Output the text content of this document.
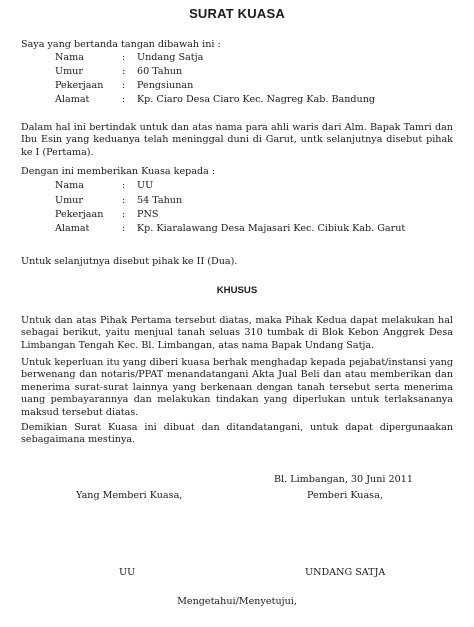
SURAT KUASA
Saya yang bertanda tangan dibawah ini :
Nama	: Undang Satja
Umur	: 60 Tahun
Pekerjaan : Pengsiunan
Alamat	: Kp. Ciaro Desa Ciaro Kec. Nagreg Kab. Bandung
Dalam hal ini bertindak untuk dan atas nama para ahli waris dari Alm. Bapak Tamri dan Ibu Esin yang keduanya telah meninggal duni di Garut, untk selanjutnya disebut pihak ke I (Pertama).
Dengan ini memberikan Kuasa kepada :
Nama	: UU
Umur	: 54 Tahun
Pekerjaan : PNS
Alamat	: Kp. Kiaralawang Desa Majasari Kec. Cibiuk Kab. Garut
Untuk selanjutnya disebut pihak ke II (Dua).
KHUSUS
Untuk dan atas Pihak Pertama tersebut diatas, maka Pihak Kedua dapat melakukan hal sebagai berikut, yaitu menjual tanah seluas 310 tumbak di Blok Kebon Anggrek Desa Limbangan Tengah Kec. Bl. Limbangan, atas nama Bapak Undang Satja.
Untuk keperluan itu yang diberi kuasa berhak menghadap kepada pejabat/instansi yang berwenang dan notaris/PPAT menandatangani Akta Jual Beli dan atau memberikan dan menerima surat-surat lainnya yang berkenaan dengan tanah tersebut serta menerima uang pembayarannya dan melakukan tindakan yang diperlukan untuk terlaksananya maksud tersebut diatas.
Demikian Surat Kuasa ini dibuat dan ditandatangani, untuk dapat dipergunaakan sebagaimana mestinya.
Bl. Limbangan, 30 Juni 2011
Yang Memberi Kuasa,	Pemberi Kuasa,
UU	UNDANG SATJA
Mengetahui/Menyetujui,
